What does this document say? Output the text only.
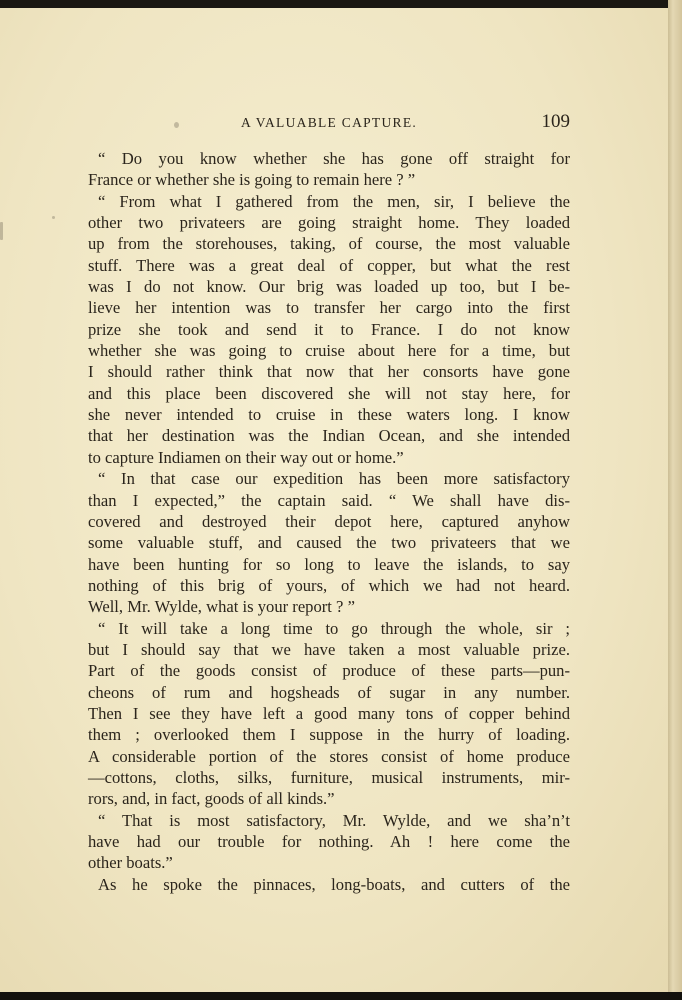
A VALUABLE CAPTURE.	109
“ Do you know whether she has gone off straight for
France or whether she is going to remain here ? ”
“ From what I gathered from the men, sir, I believe the
other two privateers are going straight home. They loaded
up from the storehouses, taking, of course, the most valuable
stuff. There was a great deal of copper, but what the rest
was I do not know. Our brig was loaded up too, but I be-
lieve her intention was to transfer her cargo into the first
prize she took and send it to France. I do not know
whether she was going to cruise about here for a time, but
I should rather think that now that her consorts have gone
and this place been discovered she will not stay here, for
she never intended to cruise in these waters long. I know
that her destination was the Indian Ocean, and she intended
to capture Indiamen on their way out or home.”
“ In that case our expedition has been more satisfactory
than I expected,” the captain said. “ We shall have dis-
covered and destroyed their depot here, captured anyhow
some valuable stuff, and caused the two privateers that we
have been hunting for so long to leave the islands, to say
nothing of this brig of yours, of which we had not heard.
Well, Mr. Wylde, what is your report ? ”
“ It will take a long time to go through the whole, sir ;
but I should say that we have taken a most valuable prize.
Part of the goods consist of produce of these parts—pun-
cheons of rum and hogsheads of sugar in any number.
Then I see they have left a good many tons of copper behind
them ; overlooked them I suppose in the hurry of loading.
A considerable portion of the stores consist of home produce
—cottons, cloths, silks, furniture, musical instruments, mir-
rors, and, in fact, goods of all kinds.”
“ That is most satisfactory, Mr. Wylde, and we sha’n’t
have had our trouble for nothing. Ah ! here come the
other boats.”
As he spoke the pinnaces, long-boats, and cutters of the
